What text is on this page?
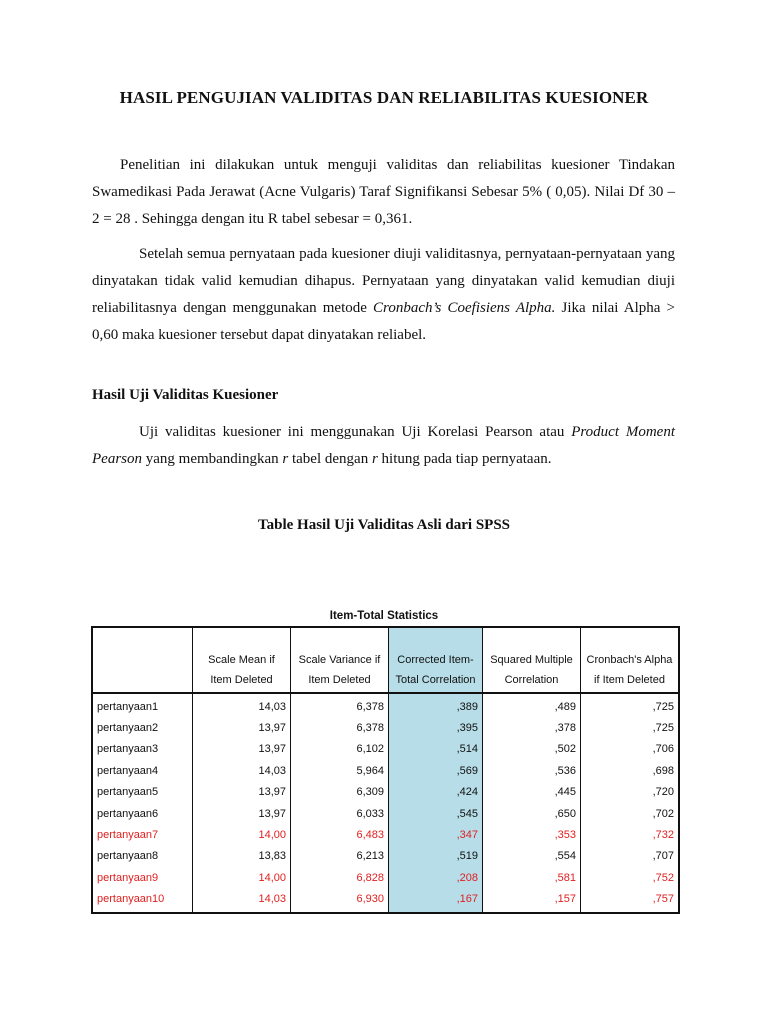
HASIL PENGUJIAN VALIDITAS DAN RELIABILITAS KUESIONER

Penelitian ini dilakukan untuk menguji validitas dan reliabilitas kuesioner Tindakan Swamedikasi Pada Jerawat (Acne Vulgaris) Taraf Signifikansi Sebesar 5% ( 0,05). Nilai Df 30 – 2 = 28 . Sehingga dengan itu R tabel sebesar = 0,361.

Setelah semua pernyataan pada kuesioner diuji validitasnya, pernyataan-pernyataan yang dinyatakan tidak valid kemudian dihapus. Pernyataan yang dinyatakan valid kemudian diuji reliabilitasnya dengan menggunakan metode Cronbach’s Coefisiens Alpha. Jika nilai Alpha > 0,60 maka kuesioner tersebut dapat dinyatakan reliabel.

Hasil Uji Validitas Kuesioner

Uji validitas kuesioner ini menggunakan Uji Korelasi Pearson atau Product Moment Pearson yang membandingkan r tabel dengan r hitung pada tiap pernyataan.

Table Hasil Uji Validitas Asli dari SPSS
Item-Total Statistics
	Scale Mean if Item Deleted	Scale Variance if Item Deleted	Corrected Item-Total Correlation	Squared Multiple Correlation	Cronbach's Alpha if Item Deleted
pertanyaan1	14,03	6,378	,389	,489	,725
pertanyaan2	13,97	6,378	,395	,378	,725
pertanyaan3	13,97	6,102	,514	,502	,706
pertanyaan4	14,03	5,964	,569	,536	,698
pertanyaan5	13,97	6,309	,424	,445	,720
pertanyaan6	13,97	6,033	,545	,650	,702
pertanyaan7	14,00	6,483	,347	,353	,732
pertanyaan8	13,83	6,213	,519	,554	,707
pertanyaan9	14,00	6,828	,208	,581	,752
pertanyaan10	14,03	6,930	,167	,157	,757
